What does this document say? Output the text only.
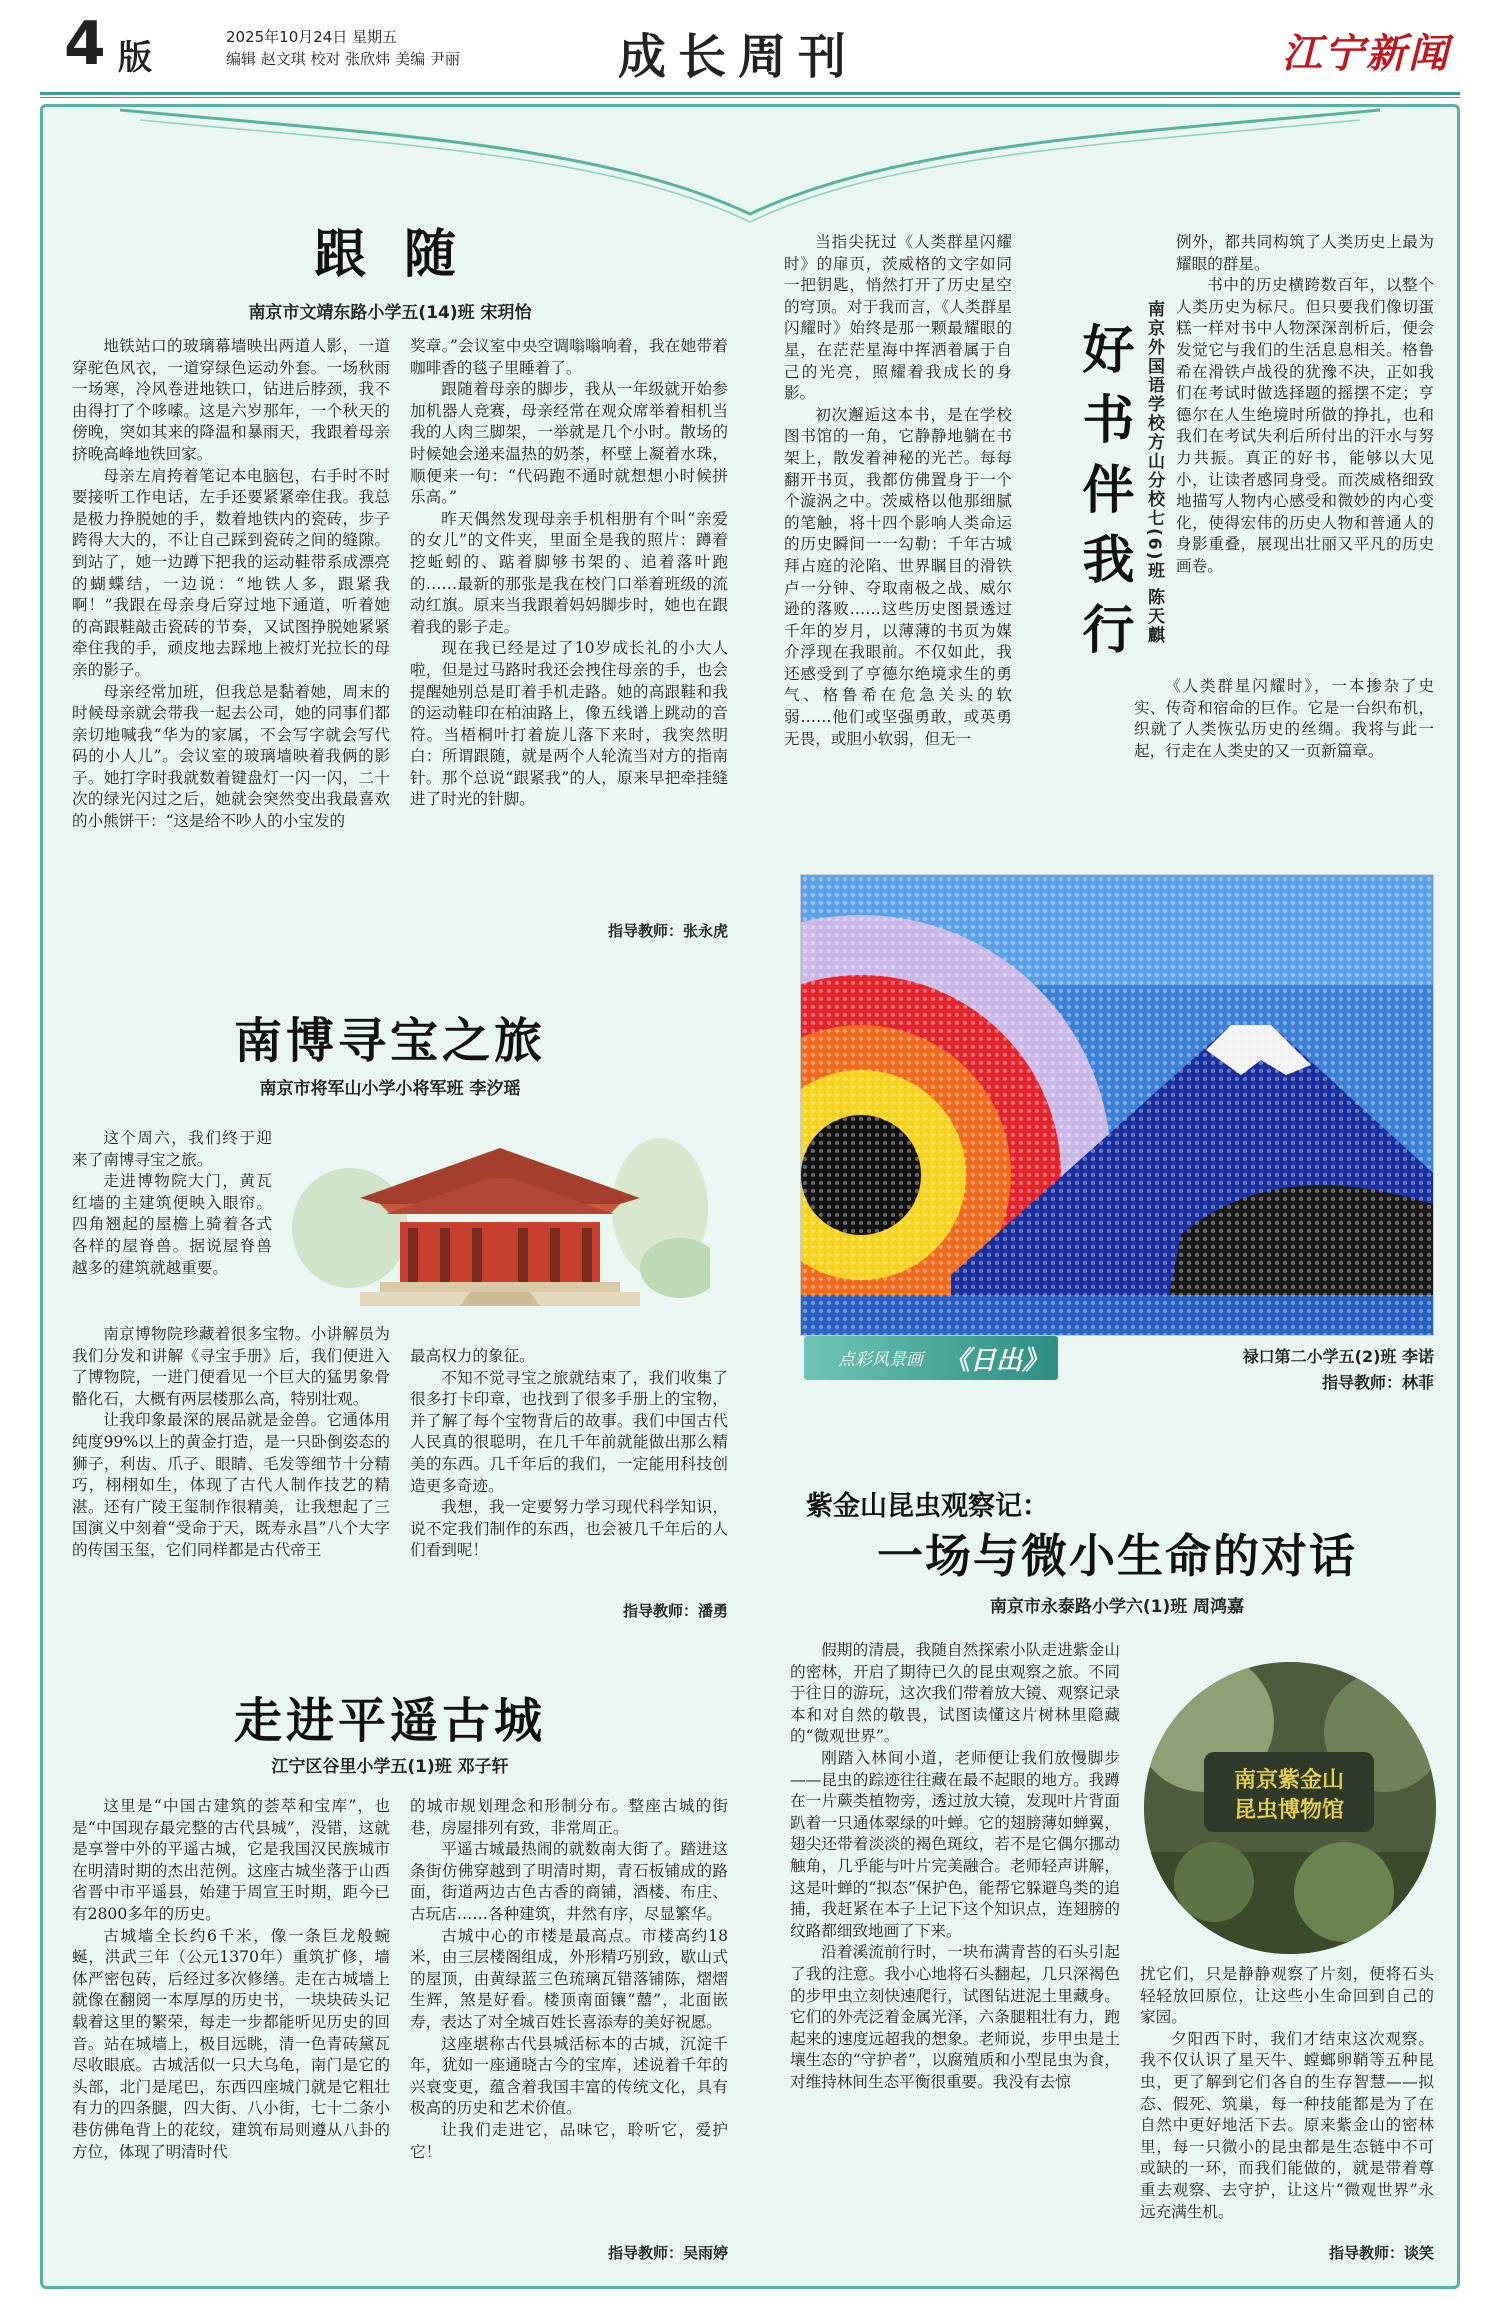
4 版
2025年10月24日 星期五
编辑 赵文琪 校对 张欣炜 美编 尹丽	成长周刊	江宁新闻
跟 随
南京市文靖东路小学五(14)班 宋玥怡

地铁站口的玻璃幕墙映出两道人影，一道穿驼色风衣，一道穿绿色运动外套。一场秋雨一场寒，冷风卷进地铁口，钻进后脖颈，我不由得打了个哆嗦。这是六岁那年，一个秋天的傍晚，突如其来的降温和暴雨天，我跟着母亲挤晚高峰地铁回家。

母亲左肩挎着笔记本电脑包，右手时不时要接听工作电话，左手还要紧紧牵住我。我总是极力挣脱她的手，数着地铁内的瓷砖，步子跨得大大的，不让自己踩到瓷砖之间的缝隙。到站了，她一边蹲下把我的运动鞋带系成漂亮的蝴蝶结，一边说：“地铁人多，跟紧我啊！”我跟在母亲身后穿过地下通道，听着她的高跟鞋敲击瓷砖的节奏，又试图挣脱她紧紧牵住我的手，顽皮地去踩地上被灯光拉长的母亲的影子。

母亲经常加班，但我总是黏着她，周末的时候母亲就会带我一起去公司，她的同事们都亲切地喊我“华为的家属，不会写字就会写代码的小人儿”。会议室的玻璃墙映着我俩的影子。她打字时我就数着键盘灯一闪一闪，二十次的绿光闪过之后，她就会突然变出我最喜欢的小熊饼干：“这是给不吵人的小宝发的

奖章。”会议室中央空调嗡嗡响着，我在她带着咖啡香的毯子里睡着了。

跟随着母亲的脚步，我从一年级就开始参加机器人竞赛，母亲经常在观众席举着相机当我的人肉三脚架，一举就是几个小时。散场的时候她会递来温热的奶茶，杯壁上凝着水珠，顺便来一句：“代码跑不通时就想想小时候拼乐高。”

昨天偶然发现母亲手机相册有个叫“亲爱的女儿”的文件夹，里面全是我的照片：蹲着挖蚯蚓的、踮着脚够书架的、追着落叶跑的……最新的那张是我在校门口举着班级的流动红旗。原来当我跟着妈妈脚步时，她也在跟着我的影子走。

现在我已经是过了10岁成长礼的小大人啦，但是过马路时我还会拽住母亲的手，也会提醒她别总是盯着手机走路。她的高跟鞋和我的运动鞋印在柏油路上，像五线谱上跳动的音符。当梧桐叶打着旋儿落下来时，我突然明白：所谓跟随，就是两个人轮流当对方的指南针。那个总说“跟紧我”的人，原来早把牵挂缝进了时光的针脚。

指导教师：张永虎

当指尖抚过《人类群星闪耀时》的扉页，茨威格的文字如同一把钥匙，悄然打开了历史星空的穹顶。对于我而言，《人类群星闪耀时》始终是那一颗最耀眼的星，在茫茫星海中挥洒着属于自己的光亮，照耀着我成长的身影。

初次邂逅这本书，是在学校图书馆的一角，它静静地躺在书架上，散发着神秘的光芒。每每翻开书页，我都仿佛置身于一个个漩涡之中。茨威格以他那细腻的笔触，将十四个影响人类命运的历史瞬间一一勾勒：千年古城拜占庭的沦陷、世界瞩目的滑铁卢一分钟、夺取南极之战、威尔逊的落败……这些历史图景透过千年的岁月，以薄薄的书页为媒介浮现在我眼前。不仅如此，我还感受到了亨德尔绝境求生的勇气、格鲁希在危急关头的软弱……他们或坚强勇敢，或英勇无畏，或胆小软弱，但无一

好书伴我行 南京外国语学校方山分校七(6)班 陈天麒

例外，都共同构筑了人类历史上最为耀眼的群星。

书中的历史横跨数百年，以整个人类历史为标尺。但只要我们像切蛋糕一样对书中人物深深剖析后，便会发觉它与我们的生活息息相关。格鲁希在滑铁卢战役的犹豫不决，正如我们在考试时做选择题的摇摆不定；亨德尔在人生绝境时所做的挣扎，也和我们在考试失利后所付出的汗水与努力共振。真正的好书，能够以大见小，让读者感同身受。而茨威格细致地描写人物内心感受和微妙的内心变化，使得宏伟的历史人物和普通人的身影重叠，展现出壮丽又平凡的历史画卷。

《人类群星闪耀时》，一本掺杂了史实、传奇和宿命的巨作。它是一台织布机，织就了人类恢弘历史的丝绸。我将与此一起，行走在人类史的又一页新篇章。

点彩风景画 《日出》	禄口第二小学五(2)班 李诺
指导教师：林菲
南博寻宝之旅
南京市将军山小学小将军班 李汐瑶

这个周六，我们终于迎来了南博寻宝之旅。

走进博物院大门，黄瓦红墙的主建筑便映入眼帘。四角翘起的屋檐上骑着各式各样的屋脊兽。据说屋脊兽越多的建筑就越重要。

南京博物院珍藏着很多宝物。小讲解员为我们分发和讲解《寻宝手册》后，我们便进入了博物院，一进门便看见一个巨大的猛男象骨骼化石，大概有两层楼那么高，特别壮观。

让我印象最深的展品就是金兽。它通体用纯度99%以上的黄金打造，是一只卧倒姿态的狮子，利齿、爪子、眼睛、毛发等细节十分精巧，栩栩如生，体现了古代人制作技艺的精湛。还有广陵王玺制作很精美，让我想起了三国演义中刻着“受命于天，既寿永昌”八个大字的传国玉玺，它们同样都是古代帝王

最高权力的象征。

不知不觉寻宝之旅就结束了，我们收集了很多打卡印章，也找到了很多手册上的宝物，并了解了每个宝物背后的故事。我们中国古代人民真的很聪明，在几千年前就能做出那么精美的东西。几千年后的我们，一定能用科技创造更多奇迹。

我想，我一定要努力学习现代科学知识，说不定我们制作的东西，也会被几千年后的人们看到呢！

指导教师：潘勇
走进平遥古城
江宁区谷里小学五(1)班 邓子轩

这里是“中国古建筑的荟萃和宝库”，也是“中国现存最完整的古代县城”，没错，这就是享誉中外的平遥古城，它是我国汉民族城市在明清时期的杰出范例。这座古城坐落于山西省晋中市平遥县，始建于周宣王时期，距今已有2800多年的历史。

古城墙全长约6千米，像一条巨龙般蜿蜒，洪武三年（公元1370年）重筑扩修，墙体严密包砖，后经过多次修缮。走在古城墙上就像在翻阅一本厚厚的历史书，一块块砖头记载着这里的繁荣，每走一步都能听见历史的回音。站在城墙上，极目远眺，清一色青砖黛瓦尽收眼底。古城活似一只大乌龟，南门是它的头部，北门是尾巴，东西四座城门就是它粗壮有力的四条腿，四大街、八小街，七十二条小巷仿佛龟背上的花纹，建筑布局则遵从八卦的方位，体现了明清时代

的城市规划理念和形制分布。整座古城的街巷，房屋排列有致，非常周正。

平遥古城最热闹的就数南大街了。踏进这条街仿佛穿越到了明清时期，青石板铺成的路面，街道两边古色古香的商铺，酒楼、布庄、古玩店……各种建筑，井然有序，尽显繁华。

古城中心的市楼是最高点。市楼高约18米，由三层楼阁组成，外形精巧别致，歇山式的屋顶，由黄绿蓝三色琉璃瓦错落铺陈，熠熠生辉，煞是好看。楼顶南面镶“囍”，北面嵌寿，表达了对全城百姓长喜添寿的美好祝愿。

这座堪称古代县城活标本的古城，沉淀千年，犹如一座通晓古今的宝库，述说着千年的兴衰变更，蕴含着我国丰富的传统文化，具有极高的历史和艺术价值。

让我们走进它，品味它，聆听它，爱护它！

指导教师：吴雨婷
紫金山昆虫观察记：
一场与微小生命的对话
南京市永泰路小学六(1)班 周鸿嘉

假期的清晨，我随自然探索小队走进紫金山的密林，开启了期待已久的昆虫观察之旅。不同于往日的游玩，这次我们带着放大镜、观察记录本和对自然的敬畏，试图读懂这片树林里隐藏的“微观世界”。

刚踏入林间小道，老师便让我们放慢脚步——昆虫的踪迹往往藏在最不起眼的地方。我蹲在一片蕨类植物旁，透过放大镜，发现叶片背面趴着一只通体翠绿的叶蝉。它的翅膀薄如蝉翼，翅尖还带着淡淡的褐色斑纹，若不是它偶尔挪动触角，几乎能与叶片完美融合。老师轻声讲解，这是叶蝉的“拟态”保护色，能帮它躲避鸟类的追捕，我赶紧在本子上记下这个知识点，连翅膀的纹路都细致地画了下来。

沿着溪流前行时，一块布满青苔的石头引起了我的注意。我小心地将石头翻起，几只深褐色的步甲虫立刻快速爬行，试图钻进泥土里藏身。它们的外壳泛着金属光泽，六条腿粗壮有力，跑起来的速度远超我的想象。老师说，步甲虫是土壤生态的“守护者”，以腐殖质和小型昆虫为食，对维持林间生态平衡很重要。我没有去惊

南京紫金山
昆虫博物馆

扰它们，只是静静观察了片刻，便将石头轻轻放回原位，让这些小生命回到自己的家园。

夕阳西下时，我们才结束这次观察。我不仅认识了星天牛、螳螂卵鞘等五种昆虫，更了解到它们各自的生存智慧——拟态、假死、筑巢，每一种技能都是为了在自然中更好地活下去。原来紫金山的密林里，每一只微小的昆虫都是生态链中不可或缺的一环，而我们能做的，就是带着尊重去观察、去守护，让这片“微观世界”永远充满生机。

指导教师：谈笑
